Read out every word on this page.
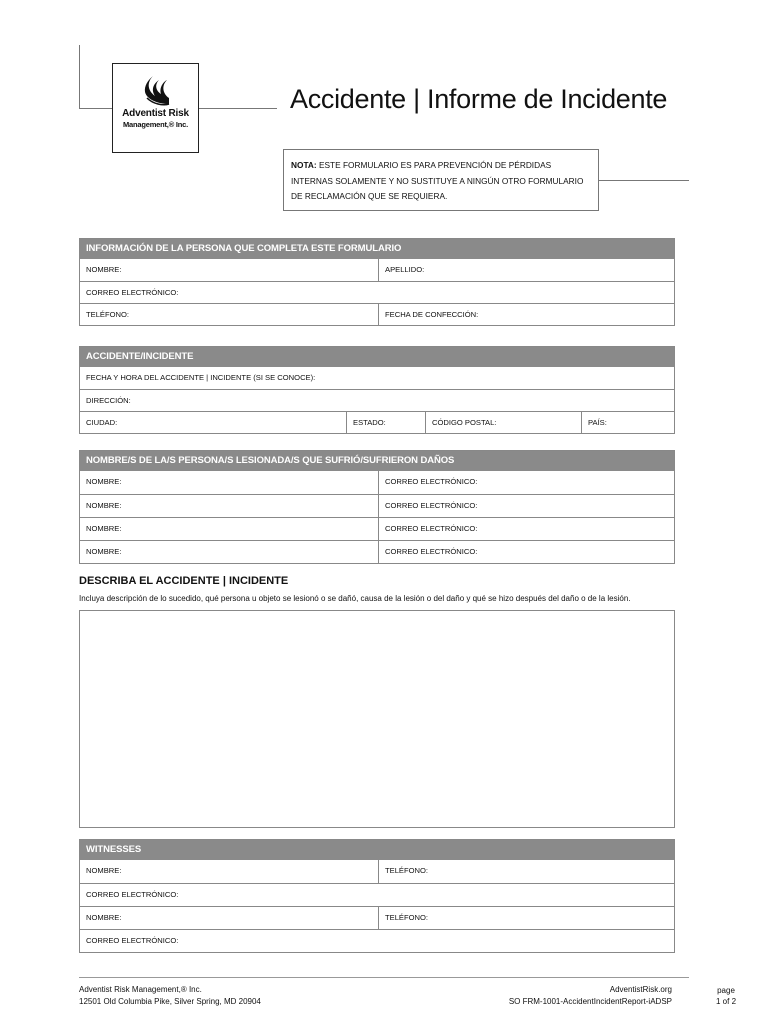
Adventist Risk
Management,® Inc.
Accidente | Informe de Incidente
NOTA: ESTE FORMULARIO ES PARA PREVENCIÓN DE PÉRDIDAS INTERNAS SOLAMENTE Y NO SUSTITUYE A NINGÚN OTRO FORMULARIO DE RECLAMACIÓN QUE SE REQUIERA.
INFORMACIÓN DE LA PERSONA QUE COMPLETA ESTE FORMULARIO
NOMBRE:	APELLIDO:
CORREO ELECTRÓNICO:
TELÉFONO:	FECHA DE CONFECCIÓN:
ACCIDENTE/INCIDENTE
FECHA Y HORA DEL ACCIDENTE | INCIDENTE (SI SE CONOCE):
DIRECCIÓN:
CIUDAD:	ESTADO:	CÓDIGO POSTAL:	PAÍS:
NOMBRE/S DE LA/S PERSONA/S LESIONADA/S QUE SUFRIÓ/SUFRIERON DAÑOS
NOMBRE:	CORREO ELECTRÓNICO:
NOMBRE:	CORREO ELECTRÓNICO:
NOMBRE:	CORREO ELECTRÓNICO:
NOMBRE:	CORREO ELECTRÓNICO:
DESCRIBA EL ACCIDENTE | INCIDENTE
Incluya descripción de lo sucedido, qué persona u objeto se lesionó o se dañó, causa de la lesión o del daño y qué se hizo después del daño o de la lesión.
WITNESSES
NOMBRE:	TELÉFONO:
CORREO ELECTRÓNICO:
NOMBRE:	TELÉFONO:
CORREO ELECTRÓNICO:
Adventist Risk Management,® Inc.
12501 Old Columbia Pike, Silver Spring, MD 20904
AdventistRisk.org
SO FRM-1001-AccidentIncidentReport-iADSP
page
1 of 2
